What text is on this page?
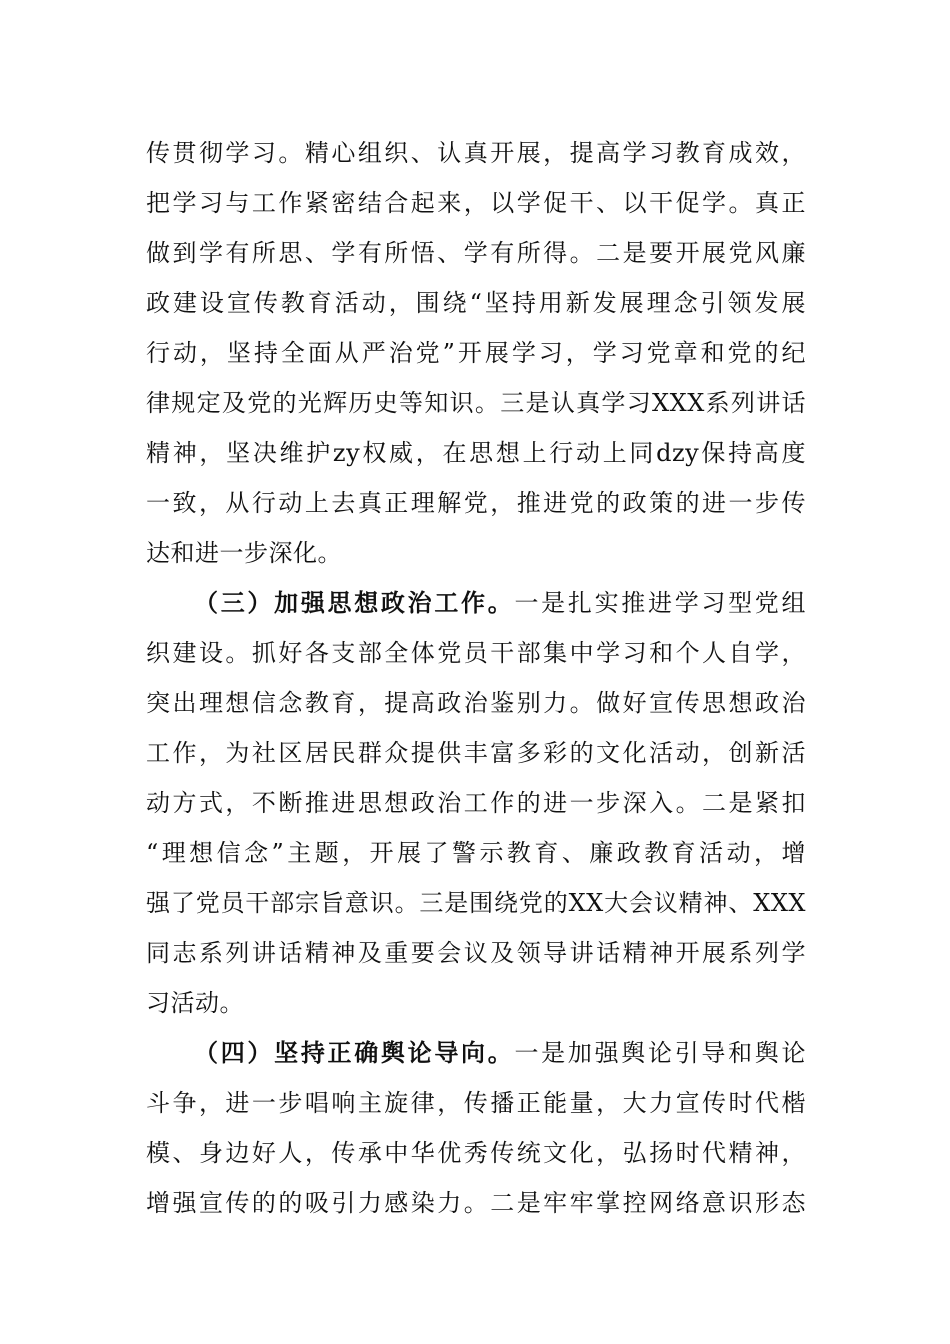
传贯彻学习。精心组织、认真开展，提高学习教育成效，
把学习与工作紧密结合起来，以学促干、以干促学。真正
做到学有所思、学有所悟、学有所得。二是要开展党风廉
政建设宣传教育活动，围绕“坚持用新发展理念引领发展
行动，坚持全面从严治党”开展学习，学习党章和党的纪
律规定及党的光辉历史等知识。三是认真学习XXX系列讲话
精神，坚决维护zy权威，在思想上行动上同dzy保持高度
一致，从行动上去真正理解党，推进党的政策的进一步传
达和进一步深化。
（三）加强思想政治工作。一是扎实推进学习型党组
织建设。抓好各支部全体党员干部集中学习和个人自学，
突出理想信念教育，提高政治鉴别力。做好宣传思想政治
工作，为社区居民群众提供丰富多彩的文化活动，创新活
动方式，不断推进思想政治工作的进一步深入。二是紧扣
“理想信念”主题，开展了警示教育、廉政教育活动，增
强了党员干部宗旨意识。三是围绕党的XX大会议精神、XXX
同志系列讲话精神及重要会议及领导讲话精神开展系列学
习活动。
（四）坚持正确舆论导向。一是加强舆论引导和舆论
斗争，进一步唱响主旋律，传播正能量，大力宣传时代楷
模、身边好人，传承中华优秀传统文化，弘扬时代精神，
增强宣传的的吸引力感染力。二是牢牢掌控网络意识形态
